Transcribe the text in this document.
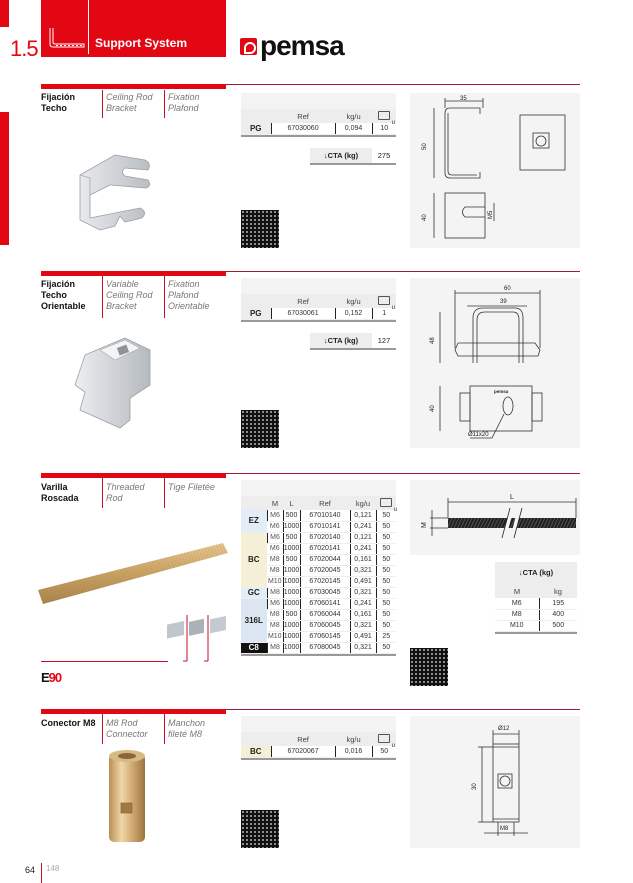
1.5	Support System	pemsa
Fijación
Techo
Ceiling Rod
Bracket
Fixation
Plafond
	Ref	kg/u	u
PG	67030060	0,094	10
↓CTA (kg)	275
35
50
40	M5
Fijación
Techo
Orientable
Variable
Ceiling Rod
Bracket
Fixation
Plafond
Orientable
		Ref	kg/u	u
PG	67030061	0,152	1
↓CTA (kg)	127
60
39
48
40
Ø11x20
pemsa
Varilla
Roscada
Threaded
Rod
Tige Filetée
E90
	M	L	Ref	kg/u	u
EZ	M6	500	67010140	0,121	50
	M6	1000	67010141	0,241	50
BC	M6	500	67020140	0,121	50
	M6	1000	67020141	0,241	50
	M8	500	67020044	0,161	50
	M8	1000	67020045	0,321	50
	M10	1000	67020145	0,491	50
GC	M8	1000	67030045	0,321	50
316L	M6	1000	67060141	0,241	50
	M8	500	67060044	0,161	50
	M8	1000	67060045	0,321	50
	M10	1000	67060145	0,491	25
C8	M8	1000	67080045	0,321	50
L
M
↓CTA (kg)
M	kg
M6	195
M8	400
M10	500
Conector M8 M8 Rod
Connector
Manchon
fileté M8
		Ref	kg/u	u
BC	67020067	0,016	50
Ø12
30
M8
64 148
